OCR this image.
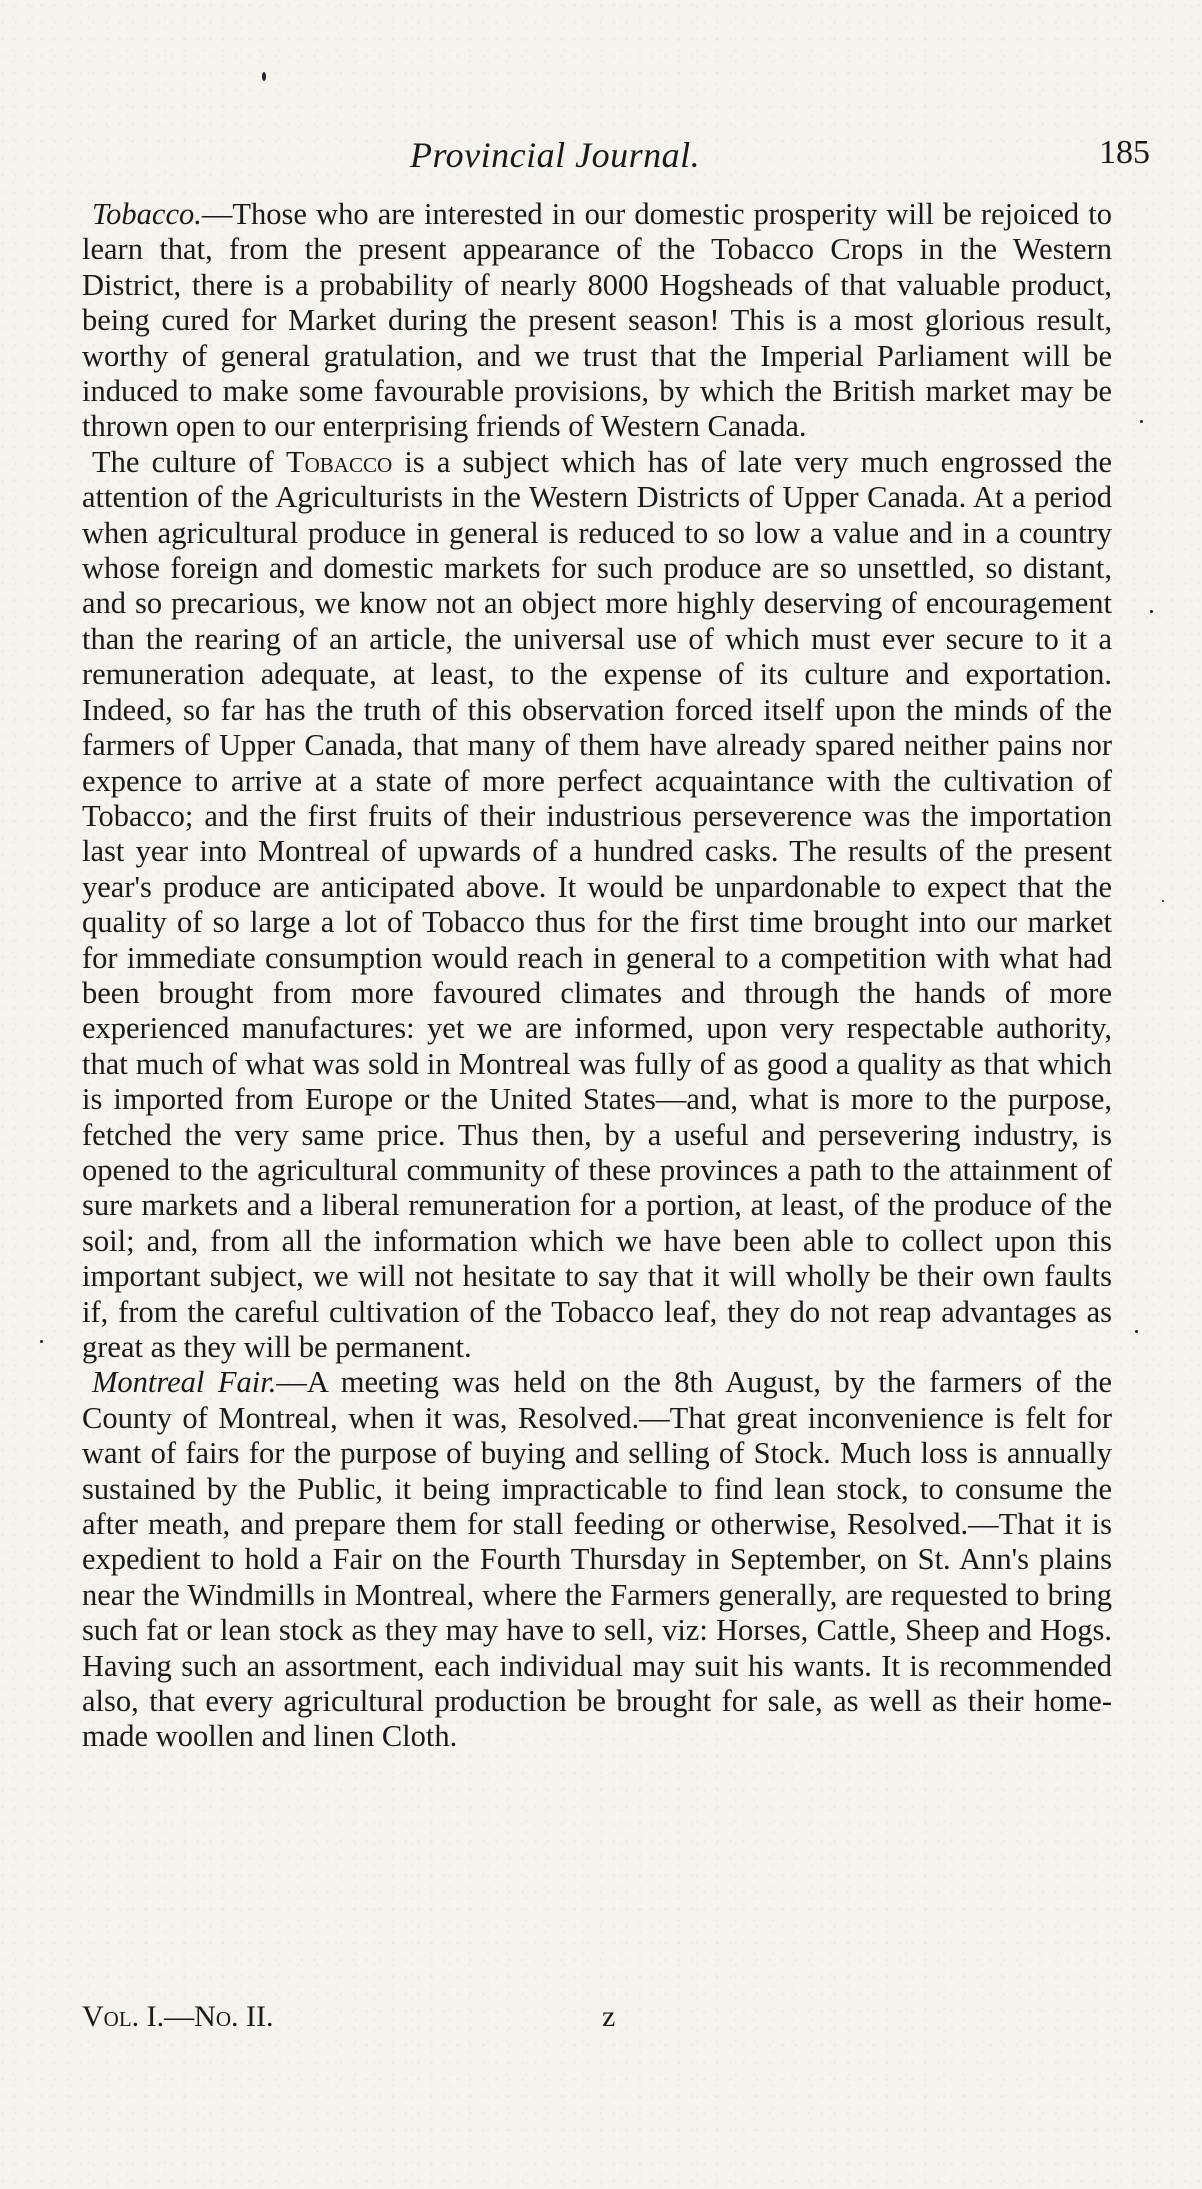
Provincial Journal.	185

Tobacco.—Those who are interested in our domestic prosperity will be rejoiced to learn that, from the present appearance of the Tobacco Crops in the Western District, there is a probability of nearly 8000 Hogsheads of that valuable product, being cured for Market during the present season! This is a most glorious result, worthy of general gratulation, and we trust that the Imperial Parliament will be induced to make some favourable provisions, by which the British market may be thrown open to our enterprising friends of Western Canada.

The culture of Tobacco is a subject which has of late very much engrossed the attention of the Agriculturists in the Western Districts of Upper Canada. At a period when agricultural produce in general is reduced to so low a value and in a country whose foreign and domestic markets for such produce are so unsettled, so distant, and so precarious, we know not an object more highly deserving of encouragement than the rearing of an article, the universal use of which must ever secure to it a remuneration adequate, at least, to the expense of its culture and exportation. Indeed, so far has the truth of this observation forced itself upon the minds of the farmers of Upper Canada, that many of them have already spared neither pains nor expence to arrive at a state of more perfect acquaintance with the cultivation of Tobacco; and the first fruits of their industrious perseverence was the importation last year into Montreal of upwards of a hundred casks. The results of the present year's produce are anticipated above. It would be unpardonable to expect that the quality of so large a lot of Tobacco thus for the first time brought into our market for immediate consumption would reach in general to a competition with what had been brought from more favoured climates and through the hands of more experienced manufactures: yet we are informed, upon very respectable authority, that much of what was sold in Montreal was fully of as good a quality as that which is imported from Europe or the United States—and, what is more to the purpose, fetched the very same price. Thus then, by a useful and persevering industry, is opened to the agricultural community of these provinces a path to the attainment of sure markets and a liberal remuneration for a portion, at least, of the produce of the soil; and, from all the information which we have been able to collect upon this important subject, we will not hesitate to say that it will wholly be their own faults if, from the careful cultivation of the Tobacco leaf, they do not reap advantages as great as they will be permanent.

Montreal Fair.—A meeting was held on the 8th August, by the farmers of the County of Montreal, when it was, Resolved.—That great inconvenience is felt for want of fairs for the purpose of buying and selling of Stock. Much loss is annually sustained by the Public, it being impracticable to find lean stock, to consume the after meath, and prepare them for stall feeding or otherwise, Resolved.—That it is expedient to hold a Fair on the Fourth Thursday in September, on St. Ann's plains near the Windmills in Montreal, where the Farmers generally, are requested to bring such fat or lean stock as they may have to sell, viz: Horses, Cattle, Sheep and Hogs. Having such an assortment, each individual may suit his wants. It is recommended also, that every agricultural production be brought for sale, as well as their home-made woollen and linen Cloth.

Vol. I.—No. II.	z
